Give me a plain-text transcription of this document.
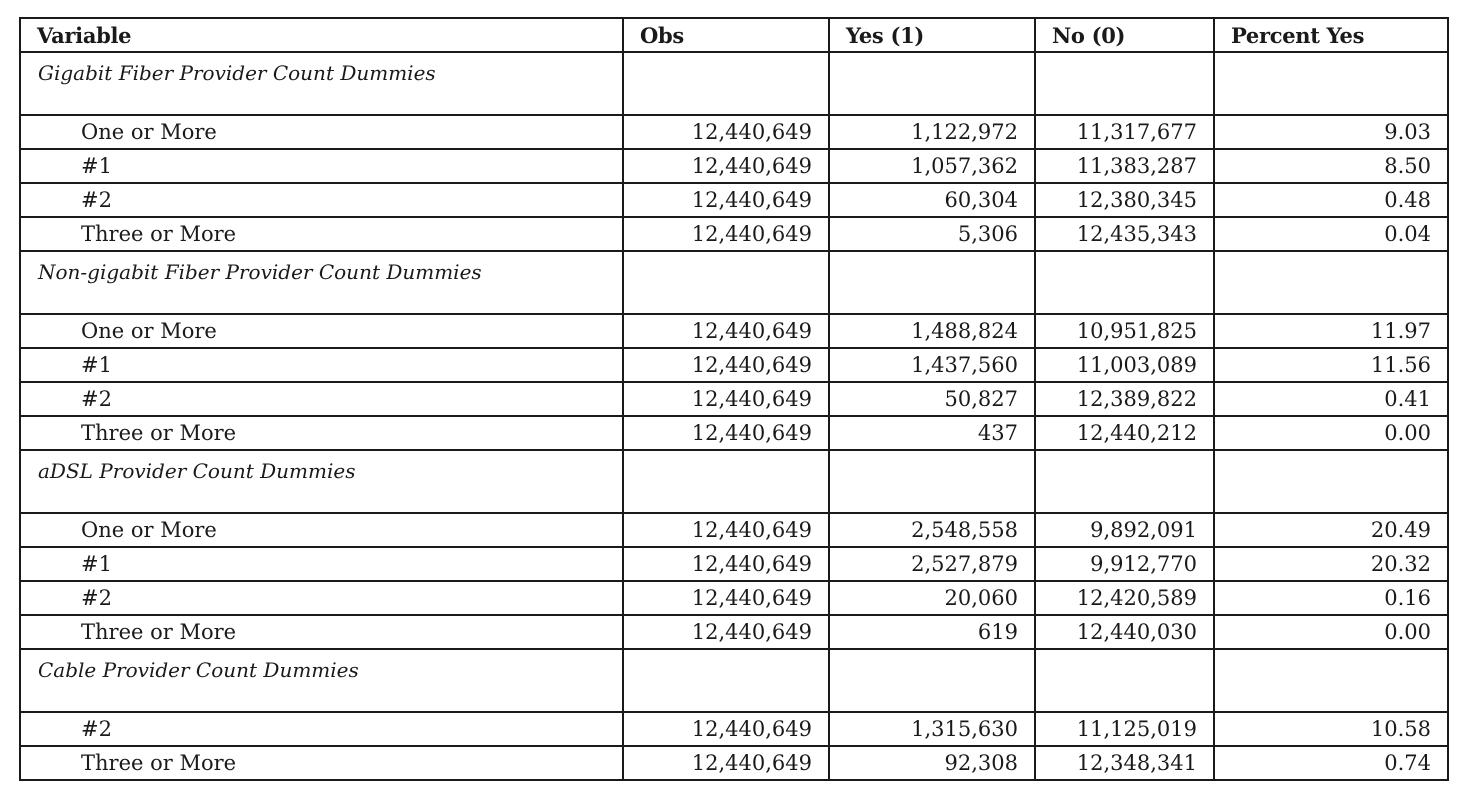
Variable	Obs	Yes (1)	No (0)	Percent Yes
Gigabit Fiber Provider Count Dummies				
One or More	12,440,649	1,122,972	11,317,677	9.03
#1	12,440,649	1,057,362	11,383,287	8.50
#2	12,440,649	60,304	12,380,345	0.48
Three or More	12,440,649	5,306	12,435,343	0.04
Non-gigabit Fiber Provider Count Dummies				
One or More	12,440,649	1,488,824	10,951,825	11.97
#1	12,440,649	1,437,560	11,003,089	11.56
#2	12,440,649	50,827	12,389,822	0.41
Three or More	12,440,649	437	12,440,212	0.00
aDSL Provider Count Dummies				
One or More	12,440,649	2,548,558	9,892,091	20.49
#1	12,440,649	2,527,879	9,912,770	20.32
#2	12,440,649	20,060	12,420,589	0.16
Three or More	12,440,649	619	12,440,030	0.00
Cable Provider Count Dummies				
#2	12,440,649	1,315,630	11,125,019	10.58
Three or More	12,440,649	92,308	12,348,341	0.74
